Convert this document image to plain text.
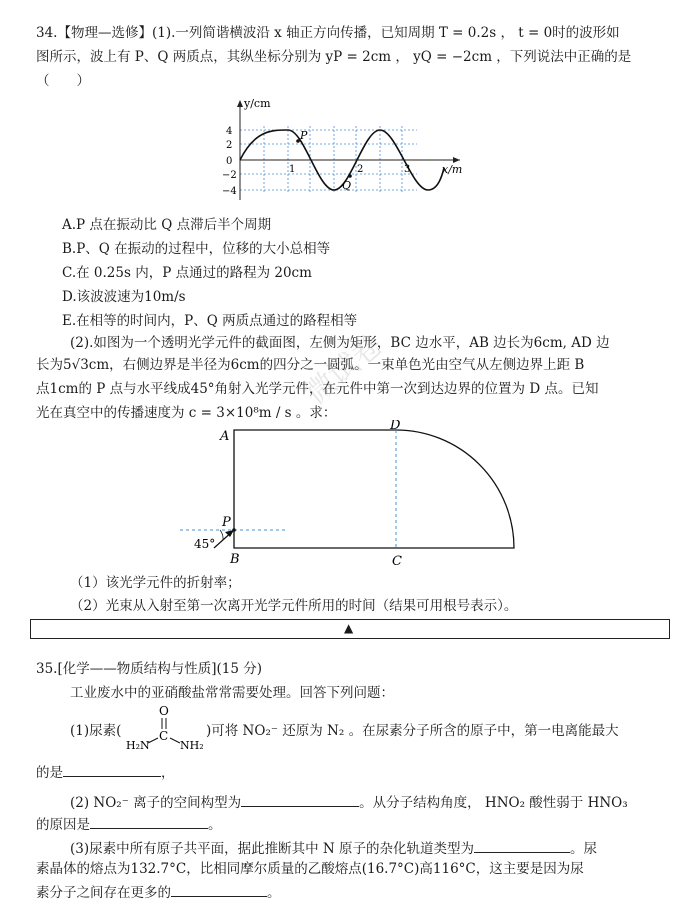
34.【物理—选修】(1).一列简谐横波沿 x 轴正方向传播，已知周期 T = 0.2s ， t = 0时的波形如
图所示，波上有 P、Q 两质点，其纵坐标分别为 yP = 2cm ， yQ = −2cm ，下列说法中正确的是
（　　）
y/cm
x/m
4
2
0
−2
−4
1	2	3
P
Q
A.P 点在振动比 Q 点滞后半个周期
B.P、Q 在振动的过程中，位移的大小总相等
C.在 0.25s 内，P 点通过的路程为 20cm
D.该波波速为10m/s
E.在相等的时间内，P、Q 两质点通过的路程相等
(2).如图为一个透明光学元件的截面图，左侧为矩形，BC 边水平，AB 边长为6cm, AD 边
长为5√3cm，右侧边界是半径为6cm的四分之一圆弧。一束单色光由空气从左侧边界上距 B
点1cm的 P 点与水平线成45°角射入光学元件，在元件中第一次到达边界的位置为 D 点。已知
光在真空中的传播速度为 c = 3×10⁸m / s 。求：
A
B	C
D
P
45°
（1）该光学元件的折射率；
（2）光束从入射至第一次离开光学元件所用的时间（结果可用根号表示）。
▲
35.[化学——物质结构与性质](15 分)
工业废水中的亚硝酸盐常常需要处理。回答下列问题：
(1)尿素(
O
C
H₂N	NH₂
)可将 NO₂⁻ 还原为 N₂ 。在尿素分子所含的原子中，第一电离能最大
的是	，
(2) NO₂⁻ 离子的空间构型为	。从分子结构角度， HNO₂ 酸性弱于 HNO₃
的原因是	。
(3)尿素中所有原子共平面，据此推断其中 N 原子的杂化轨道类型为	。尿
素晶体的熔点为132.7°C，比相同摩尔质量的乙酸熔点(16.7°C)高116°C，这主要是因为尿
素分子之间存在更多的	。
微试卷
